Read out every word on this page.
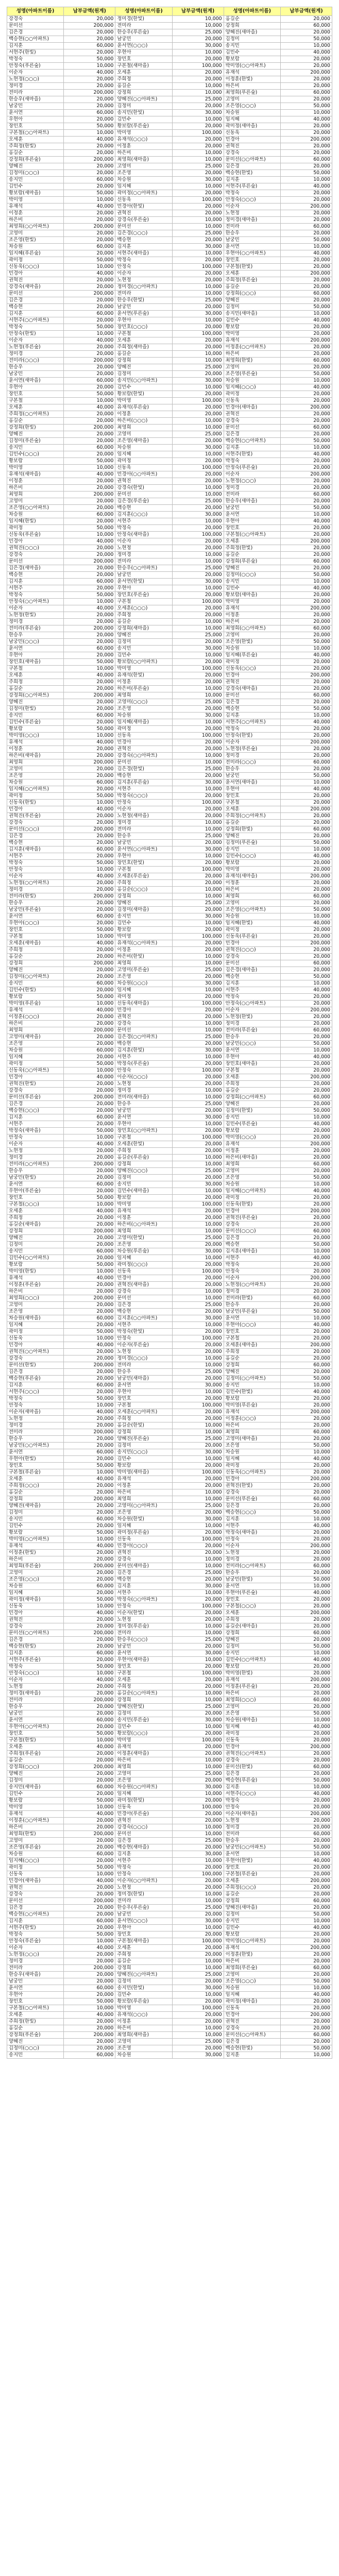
성명(아파트이름)	납부금액(원계)	성명(아파트이름)	납부금액(원계)	성명(아파트이름)	납부금액(원계)
강경숙	20,000	정미경(한빛)	10,000	홍길순	20,000
문미선	200,000	전미라	10,000	강정희	60,000
김은경	20,000	한승우(푸른숲)	25,000	양혜진(새마을)	20,000
백승현(○○아파트)	20,000	남궁민	20,000	김정미	50,000
김지훈	60,000	윤서연(○○○)	30,000	송지민	10,000
서현주(한빛)	20,000	우현아	10,000	김민수	40,000
박정숙	50,000	장민호	20,000	황보람	20,000
안정숙(푸른숲)	10,000	구본철(새마을)	100,000	박미영(○○아파트)	20,000
이순자	40,000	오세훈	20,000	유재석	200,000
노현정(○○○)	20,000	주희정	20,000	이정훈(한빛)	20,000
정미경	20,000	홍길순	10,000	하은비	20,000
전미라	200,000	강정희	10,000	최영희(푸른숲)	60,000
한승우(새마을)	20,000	양혜진(○○아파트)	25,000	고영미	20,000
남궁민	20,000	김정미	20,000	조은영(○○○)	50,000
윤서연	60,000	송지민(한빛)	30,000	차승원	10,000
우현아	20,000	김민수	10,000	임지혜	40,000
장민호	50,000	황보람(푸른숲)	20,000	곽미정(새마을)	20,000
구본철(○○아파트)	10,000	박미영	100,000	신동욱	20,000
오세훈	40,000	유재석(○○○)	20,000	민경아	200,000
주희정(한빛)	20,000	이정훈	20,000	권혁진	20,000
홍길순	20,000	하은비	10,000	강경숙	20,000
강정희(푸른숲)	200,000	최영희(새마을)	10,000	문미선(○○아파트)	60,000
양혜진	20,000	고영미	25,000	김은경	20,000
김정미(○○○)	20,000	조은영	20,000	백승현(한빛)	50,000
송지민	60,000	차승원	30,000	김지훈	10,000
김민수	20,000	임지혜	10,000	서현주(푸른숲)	40,000
황보람(새마을)	50,000	곽미정(○○아파트)	20,000	박정숙	20,000
박미영	10,000	신동욱	100,000	안정숙(○○○)	20,000
유재석	40,000	민경아(한빛)	20,000	이순자	200,000
이정훈	20,000	권혁진	20,000	노현정	20,000
하은비	20,000	강경숙(푸른숲)	10,000	정미경(새마을)	20,000
최영희(○○아파트)	200,000	문미선	10,000	전미라	60,000
고영미	20,000	김은경(○○○)	25,000	한승우	20,000
조은영(한빛)	20,000	백승현	20,000	남궁민	50,000
차승원	60,000	김지훈	30,000	윤서연	10,000
임지혜(푸른숲)	20,000	서현주(새마을)	10,000	우현아(○○아파트)	40,000
곽미정	50,000	박정숙	20,000	장민호	20,000
신동욱(○○○)	10,000	안정숙	100,000	구본철(한빛)	20,000
민경아	40,000	이순자	20,000	오세훈	200,000
권혁진	20,000	노현정	20,000	주희정(푸른숲)	20,000
강경숙(새마을)	20,000	정미경(○○아파트)	10,000	홍길순	20,000
문미선	200,000	전미라	10,000	강정희(○○○)	60,000
김은경	20,000	한승우(한빛)	25,000	양혜진	20,000
백승현	20,000	남궁민	20,000	김정미	50,000
김지훈	60,000	윤서연(푸른숲)	30,000	송지민(새마을)	10,000
서현주(○○아파트)	20,000	우현아	10,000	김민수	40,000
박정숙	50,000	장민호(○○○)	20,000	황보람	20,000
안정숙(한빛)	10,000	구본철	100,000	박미영	20,000
이순자	40,000	오세훈	20,000	유재석	200,000
노현정(푸른숲)	20,000	주희정(새마을)	20,000	이정훈(○○아파트)	20,000
정미경	20,000	홍길순	10,000	하은비	20,000
전미라(○○○)	200,000	강정희	10,000	최영희(한빛)	60,000
한승우	20,000	양혜진	25,000	고영미	20,000
남궁민	20,000	김정미	20,000	조은영(푸른숲)	50,000
윤서연(새마을)	60,000	송지민(○○아파트)	30,000	차승원	10,000
우현아	20,000	김민수	10,000	임지혜(○○○)	40,000
장민호	50,000	황보람(한빛)	20,000	곽미정	20,000
구본철	10,000	박미영	100,000	신동욱	20,000
오세훈	40,000	유재석(푸른숲)	20,000	민경아(새마을)	200,000
주희정(○○아파트)	20,000	이정훈	20,000	권혁진	20,000
홍길순	20,000	하은비(○○○)	10,000	강경숙	20,000
강정희(한빛)	200,000	최영희	10,000	문미선	60,000
양혜진	20,000	고영미	25,000	김은경	20,000
김정미(푸른숲)	20,000	조은영(새마을)	20,000	백승현(○○아파트)	50,000
송지민	60,000	차승원	30,000	김지훈	10,000
김민수(○○○)	20,000	임지혜	10,000	서현주(한빛)	40,000
황보람	50,000	곽미정	20,000	박정숙	20,000
박미영	10,000	신동욱	100,000	안정숙(푸른숲)	20,000
유재석(새마을)	40,000	민경아(○○아파트)	20,000	이순자	200,000
이정훈	20,000	권혁진	20,000	노현정(○○○)	20,000
하은비	20,000	강경숙(한빛)	10,000	정미경	20,000
최영희	200,000	문미선	10,000	전미라	60,000
고영미	20,000	김은경(푸른숲)	25,000	한승우(새마을)	20,000
조은영(○○아파트)	20,000	백승현	20,000	남궁민	50,000
차승원	60,000	김지훈(○○○)	30,000	윤서연	10,000
임지혜(한빛)	20,000	서현주	10,000	우현아	40,000
곽미정	50,000	박정숙	20,000	장민호	20,000
신동욱(푸른숲)	10,000	안정숙(새마을)	100,000	구본철(○○아파트)	20,000
민경아	40,000	이순자	20,000	오세훈	200,000
권혁진(○○○)	20,000	노현정	20,000	주희정(한빛)	20,000
강경숙	20,000	정미경	10,000	홍길순	20,000
문미선	200,000	전미라	10,000	강정희(푸른숲)	60,000
김은경(새마을)	20,000	한승우(○○아파트)	25,000	양혜진	20,000
백승현	20,000	남궁민	20,000	김정미(○○○)	50,000
김지훈	60,000	윤서연(한빛)	30,000	송지민	10,000
서현주	20,000	우현아	10,000	김민수	40,000
박정숙	50,000	장민호(푸른숲)	20,000	황보람(새마을)	20,000
안정숙(○○아파트)	10,000	구본철	100,000	박미영	20,000
이순자	40,000	오세훈(○○○)	20,000	유재석	200,000
노현정(한빛)	20,000	주희정	20,000	이정훈	20,000
정미경	20,000	홍길순	10,000	하은비	20,000
전미라(푸른숲)	200,000	강정희(새마을)	10,000	최영희(○○아파트)	60,000
한승우	20,000	양혜진	25,000	고영미	20,000
남궁민(○○○)	20,000	김정미	20,000	조은영(한빛)	50,000
윤서연	60,000	송지민	30,000	차승원	10,000
우현아	20,000	김민수	10,000	임지혜(푸른숲)	40,000
장민호(새마을)	50,000	황보람(○○아파트)	20,000	곽미정	20,000
구본철	10,000	박미영	100,000	신동욱(○○○)	20,000
오세훈	40,000	유재석(한빛)	20,000	민경아	200,000
주희정	20,000	이정훈	20,000	권혁진	20,000
홍길순	20,000	하은비(푸른숲)	10,000	강경숙(새마을)	20,000
강정희(○○아파트)	200,000	최영희	10,000	문미선	60,000
양혜진	20,000	고영미(○○○)	25,000	김은경	20,000
김정미(한빛)	20,000	조은영	20,000	백승현	50,000
송지민	60,000	차승원	30,000	김지훈	10,000
김민수(푸른숲)	20,000	임지혜(새마을)	10,000	서현주(○○아파트)	40,000
황보람	50,000	곽미정	20,000	박정숙	20,000
박미영(○○○)	10,000	신동욱	100,000	안정숙(한빛)	20,000
유재석	40,000	민경아	20,000	이순자	200,000
이정훈	20,000	권혁진	20,000	노현정(푸른숲)	20,000
하은비(새마을)	20,000	강경숙(○○아파트)	10,000	정미경	20,000
최영희	200,000	문미선	10,000	전미라(○○○)	60,000
고영미	20,000	김은경(한빛)	25,000	한승우	20,000
조은영	20,000	백승현	20,000	남궁민	50,000
차승원	60,000	김지훈(푸른숲)	30,000	윤서연(새마을)	10,000
임지혜(○○아파트)	20,000	서현주	10,000	우현아	40,000
곽미정	50,000	박정숙(○○○)	20,000	장민호	20,000
신동욱(한빛)	10,000	안정숙	100,000	구본철	20,000
민경아	40,000	이순자	20,000	오세훈	200,000
권혁진(푸른숲)	20,000	노현정(새마을)	20,000	주희정(○○아파트)	20,000
강경숙	20,000	정미경	10,000	홍길순	20,000
문미선(○○○)	200,000	전미라	10,000	강정희(한빛)	60,000
김은경	20,000	한승우	25,000	양혜진	20,000
백승현	20,000	남궁민	20,000	김정미(푸른숲)	50,000
김지훈(새마을)	60,000	윤서연(○○아파트)	30,000	송지민	10,000
서현주	20,000	우현아	10,000	김민수(○○○)	40,000
박정숙	50,000	장민호(한빛)	20,000	황보람	20,000
안정숙	10,000	구본철	100,000	박미영	20,000
이순자	40,000	오세훈(푸른숲)	20,000	유재석(새마을)	200,000
노현정(○○아파트)	20,000	주희정	20,000	이정훈	20,000
정미경	20,000	홍길순(○○○)	10,000	하은비	20,000
전미라(한빛)	200,000	강정희	10,000	최영희	60,000
한승우	20,000	양혜진	25,000	고영미	20,000
남궁민(푸른숲)	20,000	김정미(새마을)	20,000	조은영(○○아파트)	50,000
윤서연	60,000	송지민	30,000	차승원	10,000
우현아(○○○)	20,000	김민수	10,000	임지혜(한빛)	40,000
장민호	50,000	황보람	20,000	곽미정	20,000
구본철	10,000	박미영	100,000	신동욱(푸른숲)	20,000
오세훈(새마을)	40,000	유재석(○○아파트)	20,000	민경아	200,000
주희정	20,000	이정훈	20,000	권혁진(○○○)	20,000
홍길순	20,000	하은비(한빛)	10,000	강경숙	20,000
강정희	200,000	최영희	10,000	문미선	60,000
양혜진	20,000	고영미(푸른숲)	25,000	김은경(새마을)	20,000
김정미(○○아파트)	20,000	조은영	20,000	백승현	50,000
송지민	60,000	차승원(○○○)	30,000	김지훈	10,000
김민수(한빛)	20,000	임지혜	10,000	서현주	40,000
황보람	50,000	곽미정	20,000	박정숙	20,000
박미영(푸른숲)	10,000	신동욱(새마을)	100,000	안정숙(○○아파트)	20,000
유재석	40,000	민경아	20,000	이순자	200,000
이정훈(○○○)	20,000	권혁진	20,000	노현정(한빛)	20,000
하은비	20,000	강경숙	10,000	정미경	20,000
최영희	200,000	문미선	10,000	전미라(푸른숲)	60,000
고영미(새마을)	20,000	김은경(○○아파트)	25,000	한승우	20,000
조은영	20,000	백승현	20,000	남궁민(○○○)	50,000
차승원	60,000	김지훈(한빛)	30,000	윤서연	10,000
임지혜	20,000	서현주	10,000	우현아	40,000
곽미정	50,000	박정숙(푸른숲)	20,000	장민호(새마을)	20,000
신동욱(○○아파트)	10,000	안정숙	100,000	구본철	20,000
민경아	40,000	이순자(○○○)	20,000	오세훈	200,000
권혁진(한빛)	20,000	노현정	20,000	주희정	20,000
강경숙	20,000	정미경	10,000	홍길순	20,000
문미선(푸른숲)	200,000	전미라(새마을)	10,000	강정희(○○아파트)	60,000
김은경	20,000	한승우	25,000	양혜진	20,000
백승현(○○○)	20,000	남궁민	20,000	김정미(한빛)	50,000
김지훈	60,000	윤서연	30,000	송지민	10,000
서현주	20,000	우현아	10,000	김민수(푸른숲)	40,000
박정숙(새마을)	50,000	장민호(○○아파트)	20,000	황보람	20,000
안정숙	10,000	구본철	100,000	박미영(○○○)	20,000
이순자	40,000	오세훈(한빛)	20,000	유재석	200,000
노현정	20,000	주희정	20,000	이정훈	20,000
정미경	20,000	홍길순(푸른숲)	10,000	하은비(새마을)	20,000
전미라(○○아파트)	200,000	강정희	10,000	최영희	60,000
한승우	20,000	양혜진(○○○)	25,000	고영미	20,000
남궁민(한빛)	20,000	김정미	20,000	조은영	50,000
윤서연	60,000	송지민	30,000	차승원	10,000
우현아(푸른숲)	20,000	김민수(새마을)	10,000	임지혜(○○아파트)	40,000
장민호	50,000	황보람	20,000	곽미정	20,000
구본철(○○○)	10,000	박미영	100,000	신동욱(한빛)	20,000
오세훈	40,000	유재석	20,000	민경아	200,000
주희정	20,000	이정훈	20,000	권혁진(푸른숲)	20,000
홍길순(새마을)	20,000	하은비(○○아파트)	10,000	강경숙	20,000
강정희	200,000	최영희	10,000	문미선(○○○)	60,000
양혜진	20,000	고영미(한빛)	25,000	김은경	20,000
김정미	20,000	조은영	20,000	백승현	50,000
송지민	60,000	차승원(푸른숲)	30,000	김지훈(새마을)	10,000
김민수(○○아파트)	20,000	임지혜	10,000	서현주	40,000
황보람	50,000	곽미정(○○○)	20,000	박정숙	20,000
박미영(한빛)	10,000	신동욱	100,000	안정숙	20,000
유재석	40,000	민경아	20,000	이순자	200,000
이정훈(푸른숲)	20,000	권혁진(새마을)	20,000	노현정(○○아파트)	20,000
하은비	20,000	강경숙	10,000	정미경	20,000
최영희(○○○)	200,000	문미선	10,000	전미라(한빛)	60,000
고영미	20,000	김은경	25,000	한승우	20,000
조은영	20,000	백승현	20,000	남궁민(푸른숲)	50,000
차승원(새마을)	60,000	김지훈(○○아파트)	30,000	윤서연	10,000
임지혜	20,000	서현주	10,000	우현아(○○○)	40,000
곽미정	50,000	박정숙(한빛)	20,000	장민호	20,000
신동욱	10,000	안정숙	100,000	구본철	20,000
민경아	40,000	이순자(푸른숲)	20,000	오세훈(새마을)	200,000
권혁진(○○아파트)	20,000	노현정	20,000	주희정	20,000
강경숙	20,000	정미경(○○○)	10,000	홍길순	20,000
문미선(한빛)	200,000	전미라	10,000	강정희	60,000
김은경	20,000	한승우	25,000	양혜진	20,000
백승현(푸른숲)	20,000	남궁민(새마을)	20,000	김정미(○○아파트)	50,000
김지훈	60,000	윤서연	30,000	송지민	10,000
서현주(○○○)	20,000	우현아	10,000	김민수(한빛)	40,000
박정숙	50,000	장민호	20,000	황보람	20,000
안정숙	10,000	구본철	100,000	박미영(푸른숲)	20,000
이순자(새마을)	40,000	오세훈(○○아파트)	20,000	유재석	200,000
노현정	20,000	주희정	20,000	이정훈(○○○)	20,000
정미경	20,000	홍길순(한빛)	10,000	하은비	20,000
전미라	200,000	강정희	10,000	최영희	60,000
한승우	20,000	양혜진(푸른숲)	25,000	고영미(새마을)	20,000
남궁민(○○아파트)	20,000	김정미	20,000	조은영	50,000
윤서연	60,000	송지민(○○○)	30,000	차승원	10,000
우현아(한빛)	20,000	김민수	10,000	임지혜	40,000
장민호	50,000	황보람	20,000	곽미정	20,000
구본철(푸른숲)	10,000	박미영(새마을)	100,000	신동욱(○○아파트)	20,000
오세훈	40,000	유재석	20,000	민경아	200,000
주희정(○○○)	20,000	이정훈	20,000	권혁진(한빛)	20,000
홍길순	20,000	하은비	10,000	강경숙	20,000
강정희	200,000	최영희	10,000	문미선(푸른숲)	60,000
양혜진(새마을)	20,000	고영미(○○아파트)	25,000	김은경	20,000
김정미	20,000	조은영	20,000	백승현(○○○)	50,000
송지민	60,000	차승원(한빛)	30,000	김지훈	10,000
김민수	20,000	임지혜	10,000	서현주	40,000
황보람	50,000	곽미정(푸른숲)	20,000	박정숙(새마을)	20,000
박미영(○○아파트)	10,000	신동욱	100,000	안정숙	20,000
유재석	40,000	민경아(○○○)	20,000	이순자	200,000
이정훈(한빛)	20,000	권혁진	20,000	노현정	20,000
하은비	20,000	강경숙	10,000	정미경	20,000
최영희(푸른숲)	200,000	문미선(새마을)	10,000	전미라(○○아파트)	60,000
고영미	20,000	김은경	25,000	한승우	20,000
조은영(○○○)	20,000	백승현	20,000	남궁민(한빛)	50,000
차승원	60,000	김지훈	30,000	윤서연	10,000
임지혜	20,000	서현주	10,000	우현아(푸른숲)	40,000
곽미정(새마을)	50,000	박정숙(○○아파트)	20,000	장민호	20,000
신동욱	10,000	안정숙	100,000	구본철(○○○)	20,000
민경아	40,000	이순자(한빛)	20,000	오세훈	200,000
권혁진	20,000	노현정	20,000	주희정	20,000
강경숙	20,000	정미경(푸른숲)	10,000	홍길순(새마을)	20,000
문미선(○○아파트)	200,000	전미라	10,000	강정희	60,000
김은경	20,000	한승우(○○○)	25,000	양혜진	20,000
백승현(한빛)	20,000	남궁민	20,000	김정미	50,000
김지훈	60,000	윤서연	30,000	송지민	10,000
서현주(푸른숲)	20,000	우현아(새마을)	10,000	김민수(○○아파트)	40,000
박정숙	50,000	장민호	20,000	황보람	20,000
안정숙(○○○)	10,000	구본철	100,000	박미영(한빛)	20,000
이순자	40,000	오세훈	20,000	유재석	200,000
노현정	20,000	주희정	20,000	이정훈(푸른숲)	20,000
정미경(새마을)	20,000	홍길순(○○아파트)	10,000	하은비	20,000
전미라	200,000	강정희	10,000	최영희(○○○)	60,000
한승우	20,000	양혜진(한빛)	25,000	고영미	20,000
남궁민	20,000	김정미	20,000	조은영	50,000
윤서연	60,000	송지민(푸른숲)	30,000	차승원(새마을)	10,000
우현아(○○아파트)	20,000	김민수	10,000	임지혜	40,000
장민호	50,000	황보람(○○○)	20,000	곽미정	20,000
구본철(한빛)	10,000	박미영	100,000	신동욱	20,000
오세훈	40,000	유재석	20,000	민경아	200,000
주희정(푸른숲)	20,000	이정훈(새마을)	20,000	권혁진(○○아파트)	20,000
홍길순	20,000	하은비	10,000	강경숙	20,000
강정희(○○○)	200,000	최영희	10,000	문미선(한빛)	60,000
양혜진	20,000	고영미	25,000	김은경	20,000
김정미	20,000	조은영	20,000	백승현(푸른숲)	50,000
송지민(새마을)	60,000	차승원(○○아파트)	30,000	김지훈	10,000
김민수	20,000	임지혜	10,000	서현주(○○○)	40,000
황보람	50,000	곽미정(한빛)	20,000	박정숙	20,000
박미영	10,000	신동욱	100,000	안정숙	20,000
유재석	40,000	민경아(푸른숲)	20,000	이순자(새마을)	200,000
이정훈(○○아파트)	20,000	권혁진	20,000	노현정	20,000
하은비	20,000	강경숙(○○○)	10,000	정미경	20,000
최영희(한빛)	200,000	문미선	10,000	전미라	60,000
고영미	20,000	김은경	25,000	한승우	20,000
조은영(푸른숲)	20,000	백승현(새마을)	20,000	남궁민(○○아파트)	50,000
차승원	60,000	김지훈	30,000	윤서연	10,000
임지혜(○○○)	20,000	서현주	10,000	우현아(한빛)	40,000
곽미정	50,000	박정숙	20,000	장민호	20,000
신동욱	10,000	안정숙	100,000	구본철(푸른숲)	20,000
민경아(새마을)	40,000	이순자(○○아파트)	20,000	오세훈	200,000
권혁진	20,000	노현정	20,000	주희정(○○○)	20,000
강경숙	20,000	정미경(한빛)	10,000	홍길순	20,000
문미선	200,000	전미라	10,000	강정희	60,000
김은경	20,000	한승우(푸른숲)	25,000	양혜진(새마을)	20,000
백승현(○○아파트)	20,000	남궁민	20,000	김정미	50,000
김지훈	60,000	윤서연(○○○)	30,000	송지민	10,000
서현주(한빛)	20,000	우현아	10,000	김민수	40,000
박정숙	50,000	장민호	20,000	황보람	20,000
안정숙(푸른숲)	10,000	구본철(새마을)	100,000	박미영(○○아파트)	20,000
이순자	40,000	오세훈	20,000	유재석	200,000
노현정(○○○)	20,000	주희정	20,000	이정훈(한빛)	20,000
정미경	20,000	홍길순	10,000	하은비	20,000
전미라	200,000	강정희	10,000	최영희(푸른숲)	60,000
한승우(새마을)	20,000	양혜진(○○아파트)	25,000	고영미	20,000
남궁민	20,000	김정미	20,000	조은영(○○○)	50,000
윤서연	60,000	송지민(한빛)	30,000	차승원	10,000
우현아	20,000	김민수	10,000	임지혜	40,000
장민호	50,000	황보람(푸른숲)	20,000	곽미정(새마을)	20,000
구본철(○○아파트)	10,000	박미영	100,000	신동욱	20,000
오세훈	40,000	유재석(○○○)	20,000	민경아	200,000
주희정(한빛)	20,000	이정훈	20,000	권혁진	20,000
홍길순	20,000	하은비	10,000	강경숙	20,000
강정희(푸른숲)	200,000	최영희(새마을)	10,000	문미선(○○아파트)	60,000
양혜진	20,000	고영미	25,000	김은경	20,000
김정미(○○○)	20,000	조은영	20,000	백승현(한빛)	50,000
송지민	60,000	차승원	30,000	김지훈	10,000
